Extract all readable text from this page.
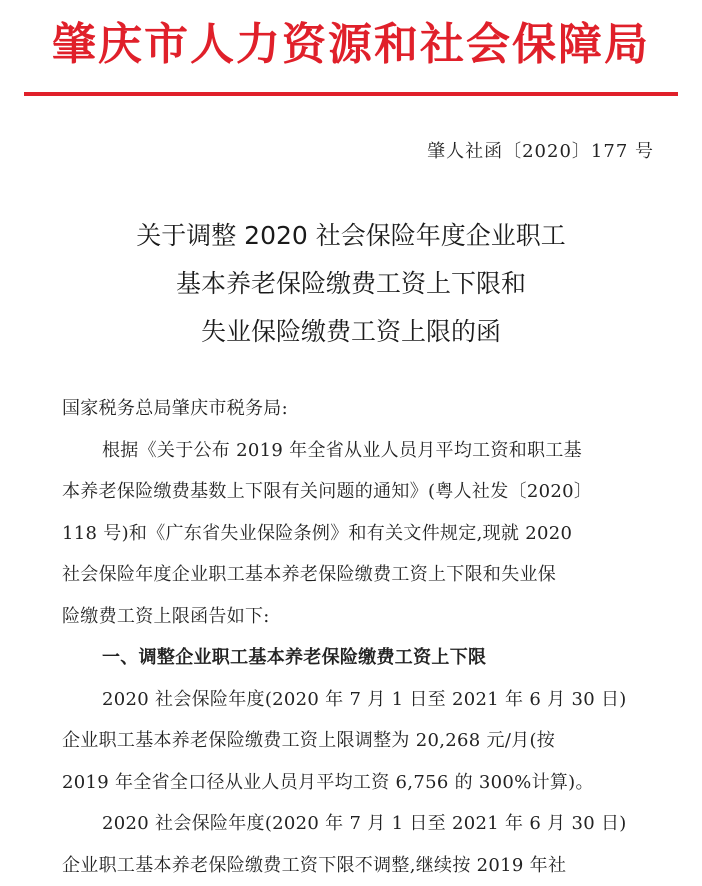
肇庆市人力资源和社会保障局
肇人社函〔2020〕177 号
关于调整 2020 社会保险年度企业职工
基本养老保险缴费工资上下限和
失业保险缴费工资上限的函
国家税务总局肇庆市税务局:
根据《关于公布 2019 年全省从业人员月平均工资和职工基
本养老保险缴费基数上下限有关问题的通知》(粤人社发〔2020〕
118 号)和《广东省失业保险条例》和有关文件规定,现就 2020
社会保险年度企业职工基本养老保险缴费工资上下限和失业保
险缴费工资上限函告如下:
一、调整企业职工基本养老保险缴费工资上下限
2020 社会保险年度(2020 年 7 月 1 日至 2021 年 6 月 30 日)
企业职工基本养老保险缴费工资上限调整为 20,268 元/月(按
2019 年全省全口径从业人员月平均工资 6,756 的 300%计算)。
2020 社会保险年度(2020 年 7 月 1 日至 2021 年 6 月 30 日)
企业职工基本养老保险缴费工资下限不调整,继续按 2019 年社
